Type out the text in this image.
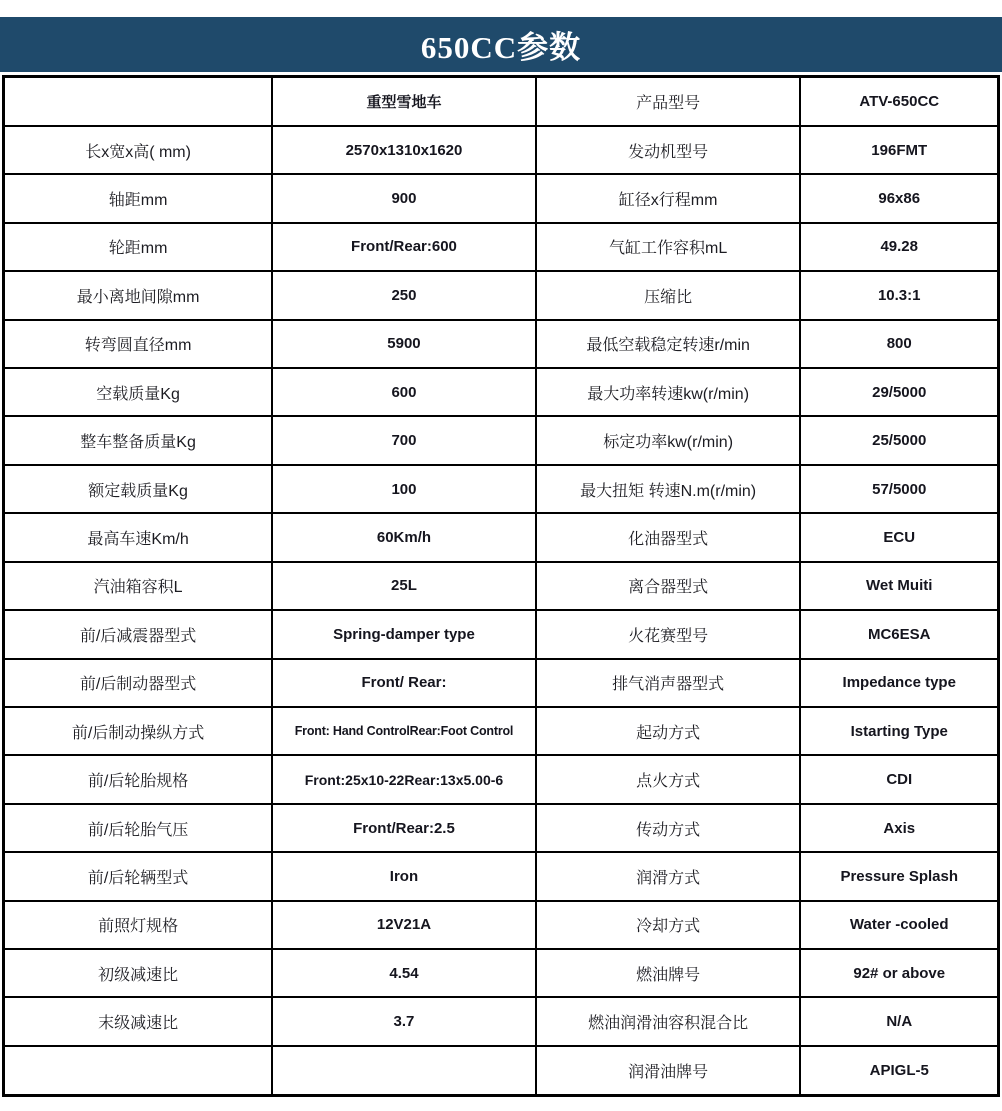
650CC参数
	重型雪地车	产品型号	ATV-650CC
长x宽x高( mm)	2570x1310x1620	发动机型号	196FMT
轴距mm	900	缸径x行程mm	96x86
轮距mm	Front/Rear:600	气缸工作容积mL	49.28
最小离地间隙mm	250	压缩比	10.3:1
转弯圆直径mm	5900	最低空载稳定转速r/min	800
空载质量Kg	600	最大功率转速kw(r/min)	29/5000
整车整备质量Kg	700	标定功率kw(r/min)	25/5000
额定载质量Kg	100	最大扭矩 转速N.m(r/min)	57/5000
最高车速Km/h	60Km/h	化油器型式	ECU
汽油箱容积L	25L	离合器型式	Wet Muiti
前/后减震器型式	Spring-damper type	火花赛型号	MC6ESA
前/后制动器型式	Front/ Rear:	排气消声器型式	Impedance type
前/后制动操纵方式	Front: Hand ControlRear:Foot Control	起动方式	Istarting Type
前/后轮胎规格	Front:25x10-22Rear:13x5.00-6	点火方式	CDI
前/后轮胎气压	Front/Rear:2.5	传动方式	Axis
前/后轮辆型式	Iron	润滑方式	Pressure Splash
前照灯规格	12V21A	冷却方式	Water -cooled
初级减速比	4.54	燃油牌号	92# or above
末级减速比	3.7	燃油润滑油容积混合比	N/A
		润滑油牌号	APIGL-5
